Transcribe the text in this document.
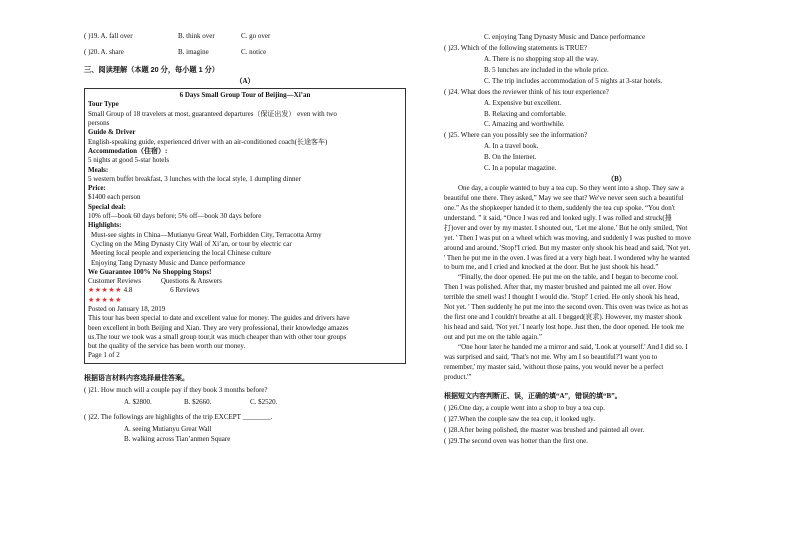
( )19. A. fall over	B. think over	C. go over
( )20. A. share	B. imagine	C. notice
三、阅读理解（本题 20 分，每小题 1 分）
（A）
6 Days Small Group Tour of Beijing—Xi’an
Tour Type
Small Group of 18 travelers at most, guaranteed departures（保证出发） even with two
persons
Guide & Driver
English-speaking guide, experienced driver with an air-conditioned coach(长途客车)
Accommodation（住宿）:
5 nights at good 5-star hotels
Meals:
5 western buffet breakfast, 3 lunches with the local style, 1 dumpling dinner
Price:
$1400 each person
Special deal:
10% off—book 60 days before; 5% off—book 30 days before
Highlights:
Must-see sights in China—Mutianyu Great Wall, Forbidden City, Terracotta Army
Cycling on the Ming Dynasty City Wall of Xi’an, or tour by electric car
Meeting local people and experiencing the local Chinese culture
Enjoying Tang Dynasty Music and Dance performance
We Guarantee 100% No Shopping Stops!
Customer Reviews	Questions & Answers
★★★★★ 4.8	6 Reviews
★★★★★
Posted on January 18, 2019
This tour has been special to date and excellent value for money. The guides and drivers have
been excellent in both Beijing and Xian. They are very professional, their knowledge amazes
us.The tour we took was a small group tour,it was much cheaper than with other tour groups
but the quality of the service has been worth our money.
Page 1 of 2
根据语言材料内容选择最佳答案。
( )21. How much will a couple pay if they book 3 months before?
A. $2800.	B. $2660.	C. $2520.
( )22. The followings are highlights of the trip EXCEPT ________.
A. seeing Mutianyu Great Wall
B. walking across Tian’anmen Square
C. enjoying Tang Dynasty Music and Dance performance
( )23. Which of the following statements is TRUE?
A. There is no shopping stop all the way.
B. 5 lunches are included in the whole price.
C. The trip includes accommodation of 5 nights at 3-star hotels.
( )24. What does the reviewer think of his tour experience?
A. Expensive but excellent.
B. Relaxing and comfortable.
C. Amazing and worthwhile.
( )25. Where can you possibly see the information?
A. In a travel book.
B. On the Internet.
C. In a popular magazine.
（B）
One day, a couple wanted to buy a tea cup. So they went into a shop. They saw a
beautiful one there. They asked,” May we see that? We've never seen such a beautiful
one.” As the shopkeeper handed it to them, suddenly the tea cup spoke. “You don't
understand. ” it said, “Once I was red and looked ugly. I was rolled and struck(捶
打)over and over by my master. I shouted out, ‘Let me alone.’ But he only smiled, 'Not
yet. ' Then I was put on a wheel which was moving, and suddenly I was pushed to move
around and around. 'Stop!'I cried. But my master only shook his head and said, 'Not yet.
' Then he put me in the oven. I was fired at a very high heat. I wondered why he wanted
to burn me, and I cried and knocked at the door. But he just shook his head.”
“Finally, the door opened. He put me on the table, and I began to become cool.
Then I was polished. After that, my master brushed and painted me all over. How
terrible the smell was! I thought I would die. 'Stop!' I cried. He only shook his head,
Not yet. ' Then suddenly he put me into the second oven. This oven was twice as hot as
the first one and I couldn't breathe at all. I begged(哀求). However, my master shook
his head and said, 'Not yet.' I nearly lost hope. Just then, the door opened. He took me
out and put me on the table again.”
“One hour later he handed me a mirror and said, 'Look at yourself.' And I did so. I
was surprised and said, 'That's not me. Why am I so beautiful?'I want you to
remember,' my master said, 'without those pains, you would never be a perfect
product.'”
根据短文内容判断正、误，正确的填“A”，错误的填“B”。
( )26.One day, a couple went into a shop to buy a tea cup.
( )27.When the couple saw the tea cup, it looked ugly.
( )28.After being polished, the master was brushed and painted all over.
( )29.The second oven was hotter than the first one.
